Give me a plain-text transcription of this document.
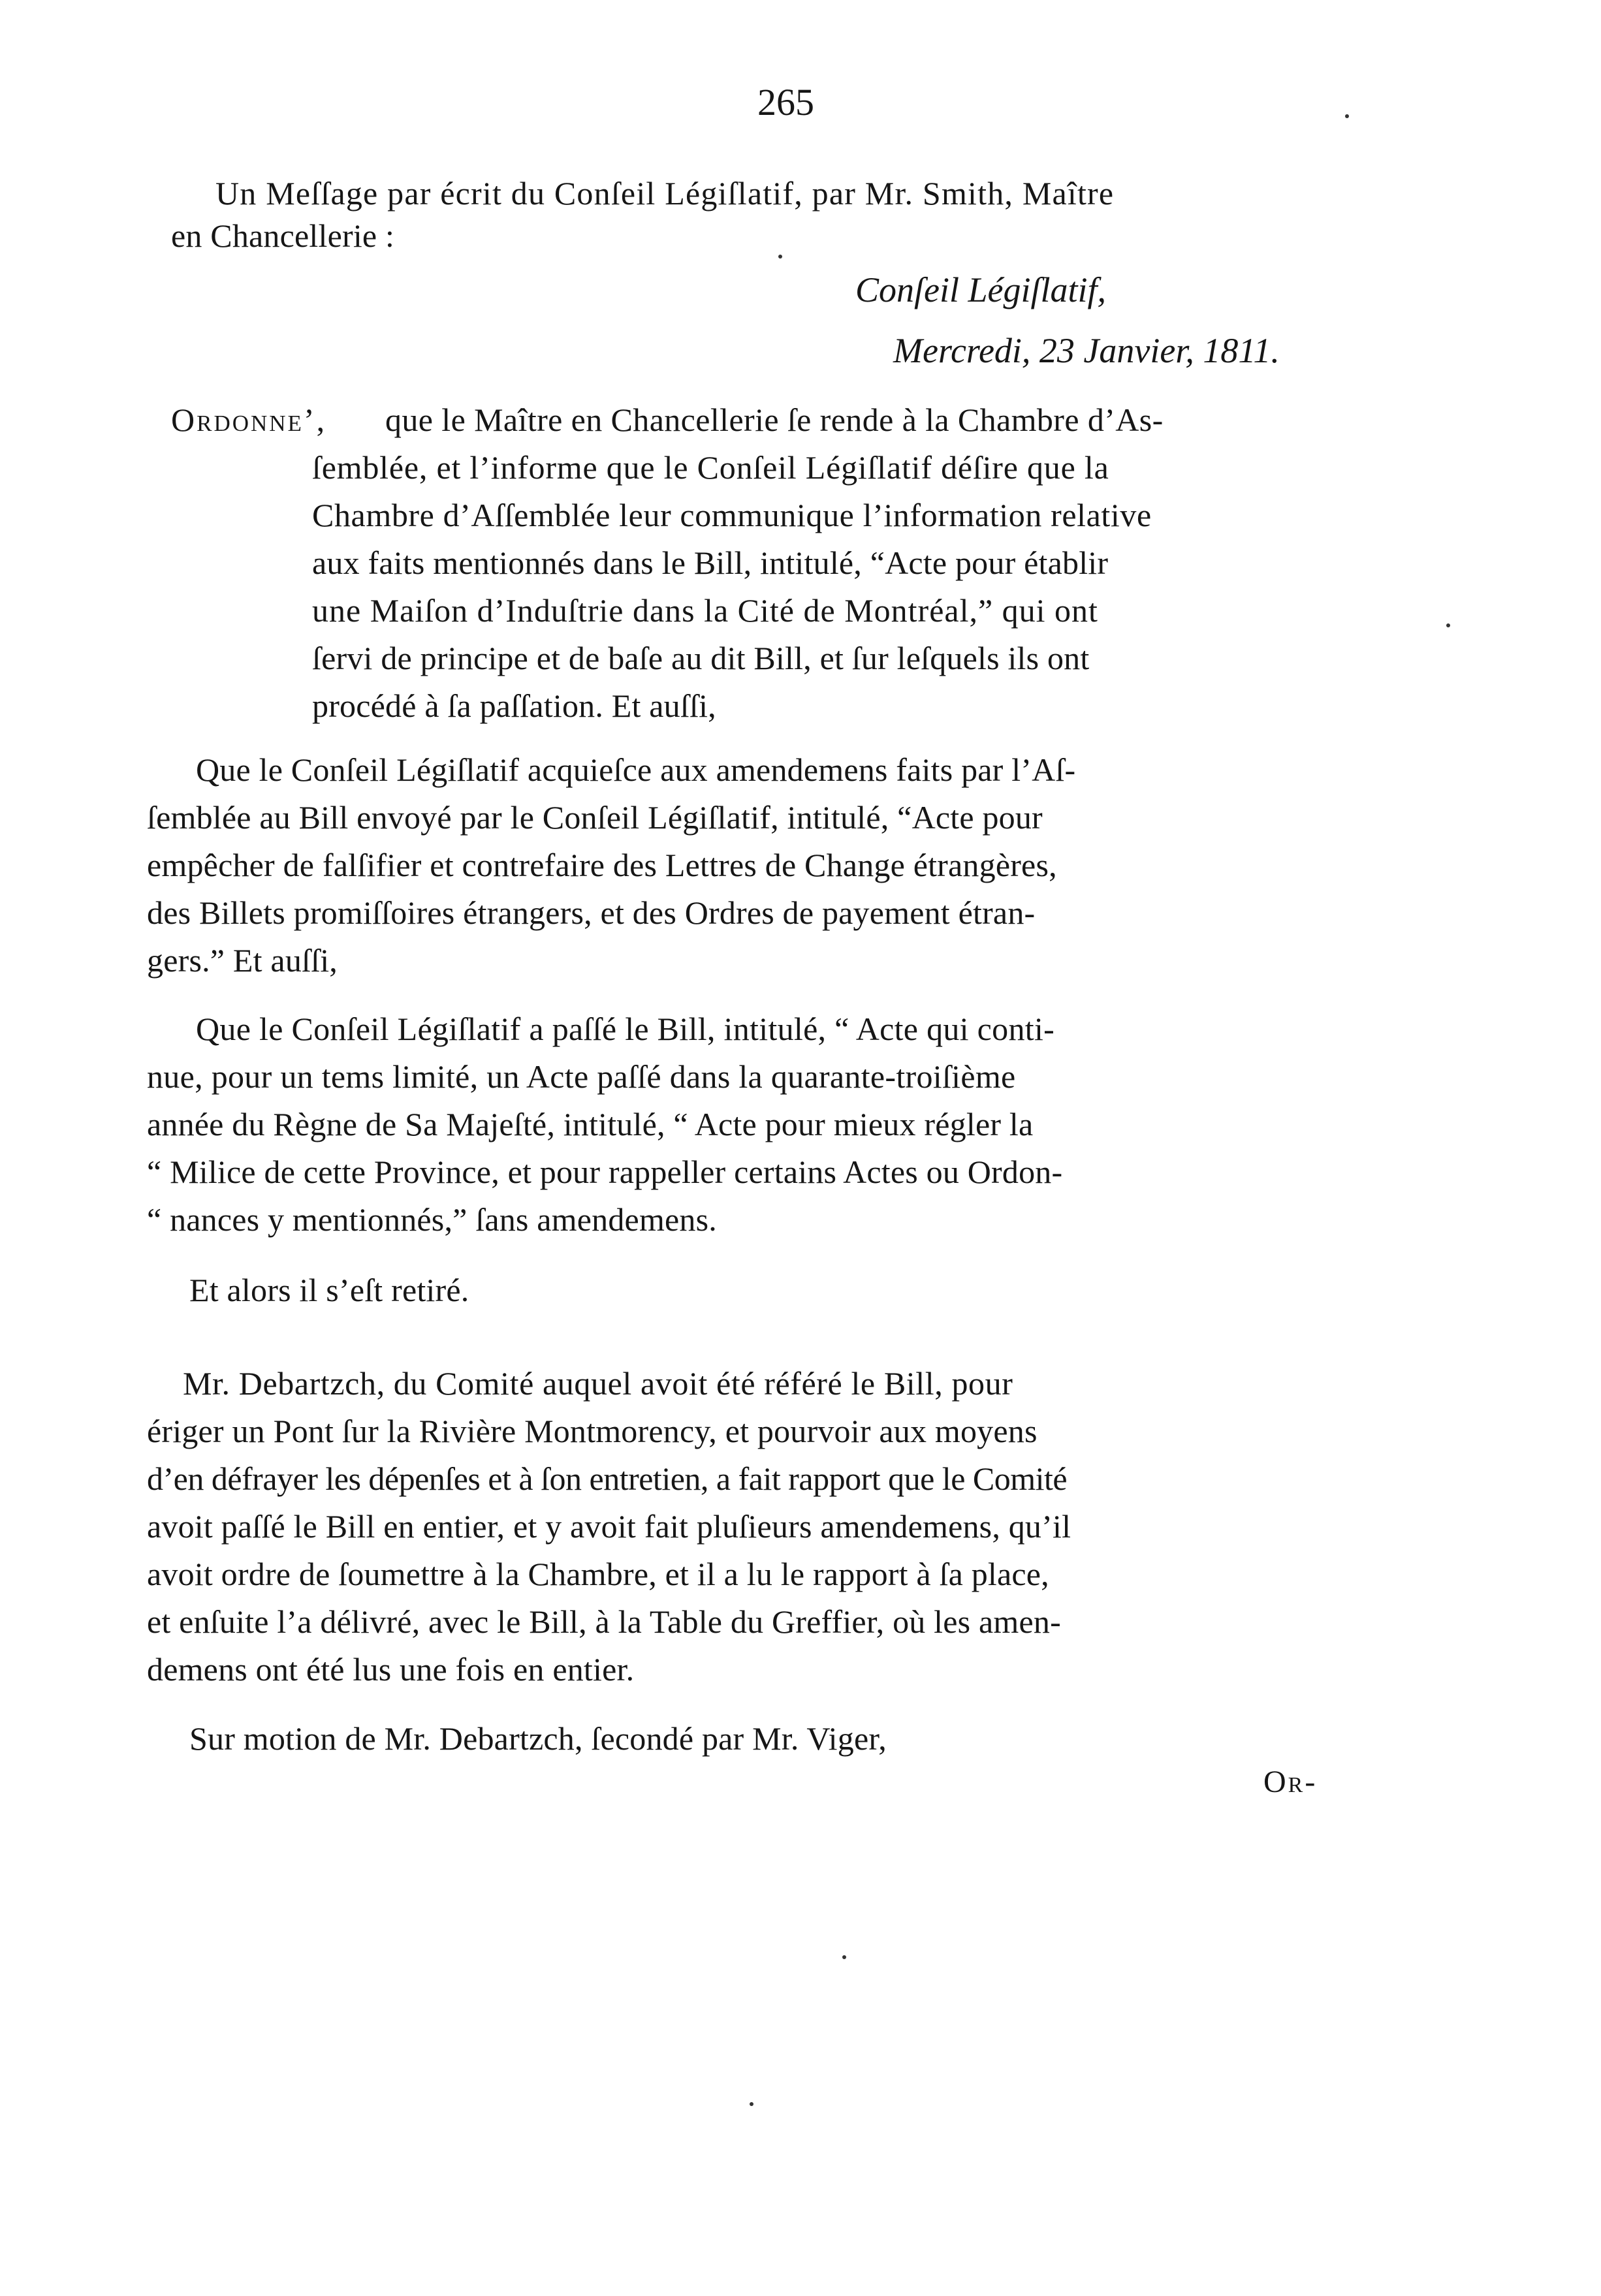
265
Un Meſſage par écrit du Conſeil Légiſlatif, par Mr. Smith, Maître
en Chancellerie :
Conſeil Légiſlatif,
Mercredi, 23 Janvier, 1811.
Ordonne’, que le Maître en Chancellerie ſe rende à la Chambre d’As-
ſemblée, et l’informe que le Conſeil Légiſlatif déſire que la
Chambre d’Aſſemblée leur communique l’information relative
aux faits mentionnés dans le Bill, intitulé, “Acte pour établir
une Maiſon d’Induſtrie dans la Cité de Montréal,” qui ont
ſervi de principe et de baſe au dit Bill, et ſur leſquels ils ont
procédé à ſa paſſation. Et auſſi,
Que le Conſeil Légiſlatif acquieſce aux amendemens faits par l’Aſ-
ſemblée au Bill envoyé par le Conſeil Légiſlatif, intitulé, “Acte pour
empêcher de falſifier et contrefaire des Lettres de Change étrangères,
des Billets promiſſoires étrangers, et des Ordres de payement étran-
gers.” Et auſſi,
Que le Conſeil Légiſlatif a paſſé le Bill, intitulé, “ Acte qui conti-
nue, pour un tems limité, un Acte paſſé dans la quarante-troiſième
année du Règne de Sa Majeſté, intitulé, “ Acte pour mieux régler la
“ Milice de cette Province, et pour rappeller certains Actes ou Ordon-
“ nances y mentionnés,” ſans amendemens.
Et alors il s’eſt retiré.
Mr. Debartzch, du Comité auquel avoit été référé le Bill, pour
ériger un Pont ſur la Rivière Montmorency, et pourvoir aux moyens
d’en défrayer les dépenſes et à ſon entretien, a fait rapport que le Comité
avoit paſſé le Bill en entier, et y avoit fait pluſieurs amendemens, qu’il
avoit ordre de ſoumettre à la Chambre, et il a lu le rapport à ſa place,
et enſuite l’a délivré, avec le Bill, à la Table du Greffier, où les amen-
demens ont été lus une fois en entier.
Sur motion de Mr. Debartzch, ſecondé par Mr. Viger,
Or-
